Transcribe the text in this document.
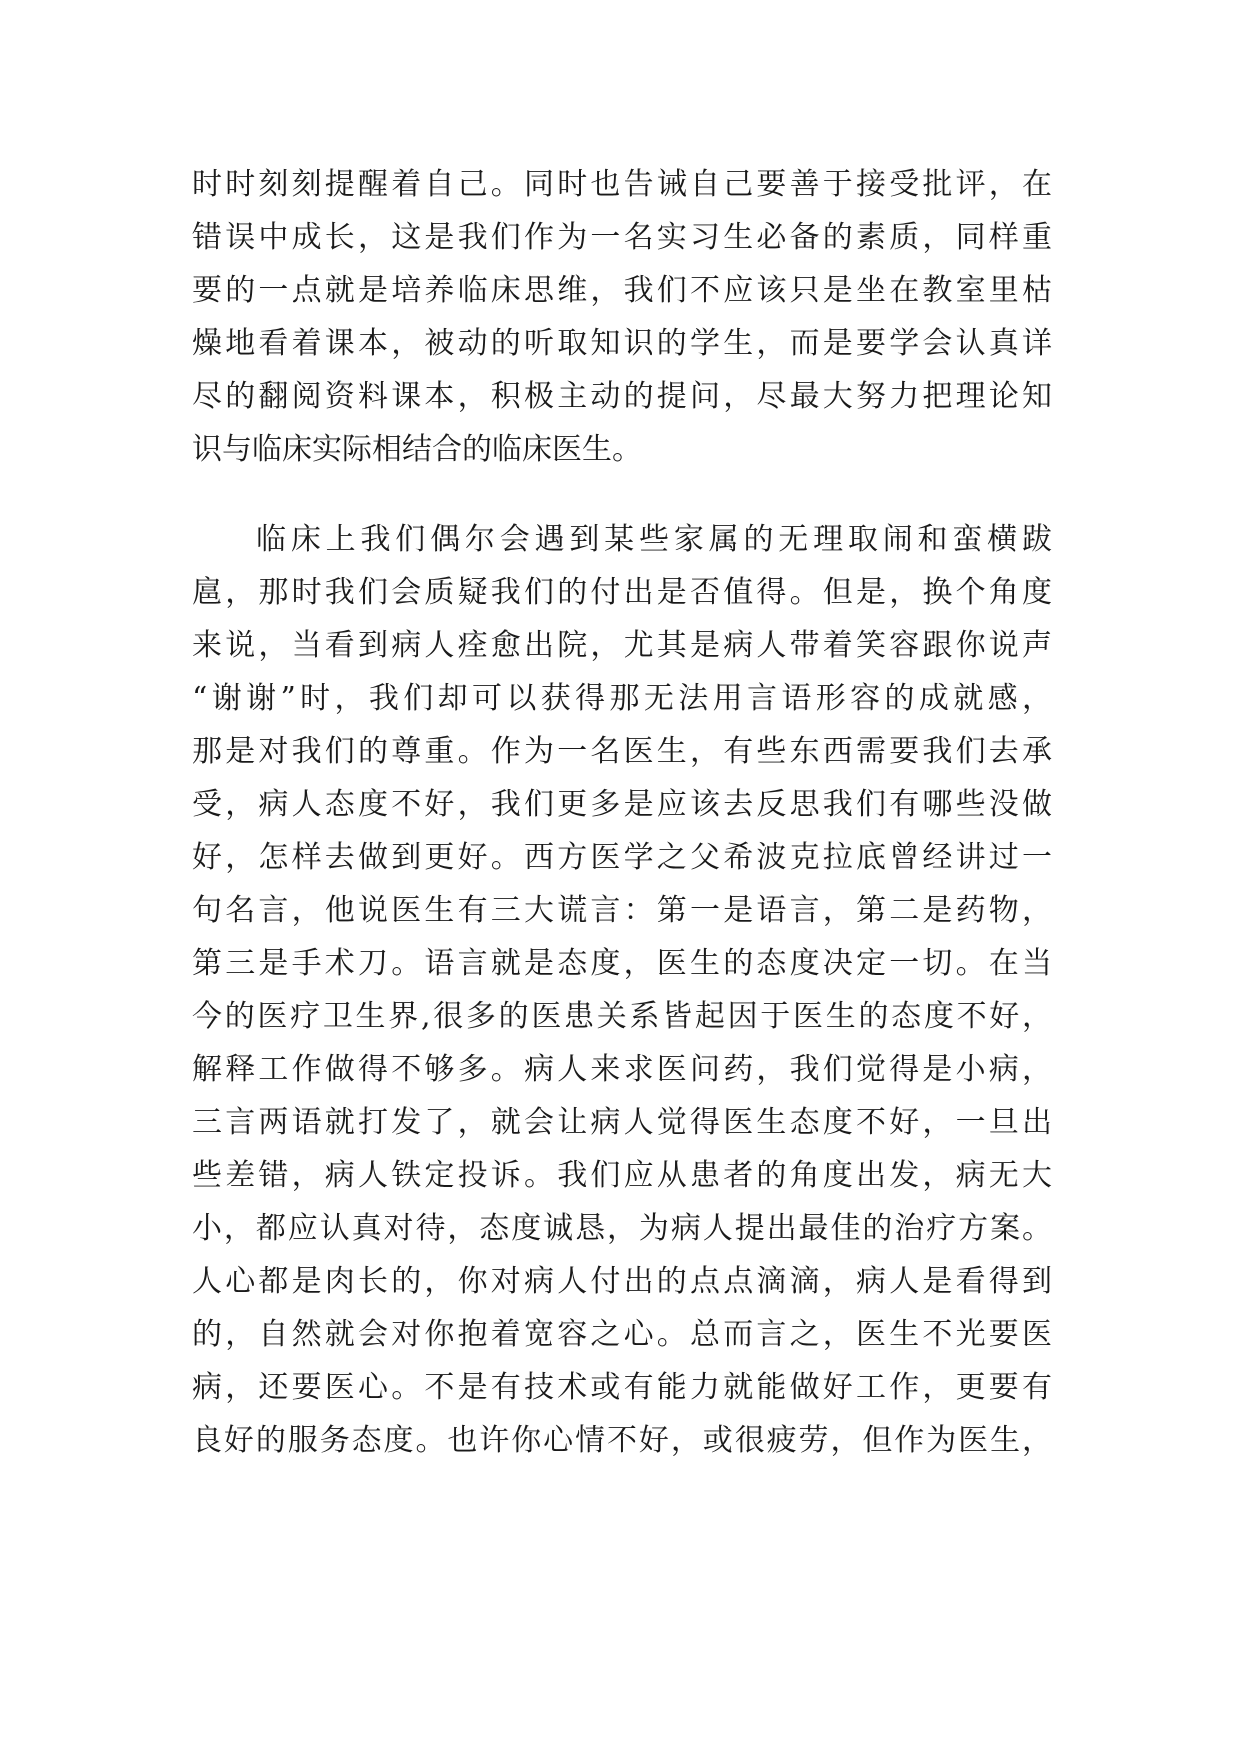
时时刻刻提醒着自己。同时也告诫自己要善于接受批评，在
错误中成长，这是我们作为一名实习生必备的素质，同样重
要的一点就是培养临床思维，我们不应该只是坐在教室里枯
燥地看着课本，被动的听取知识的学生，而是要学会认真详
尽的翻阅资料课本，积极主动的提问，尽最大努力把理论知
识与临床实际相结合的临床医生。
临床上我们偶尔会遇到某些家属的无理取闹和蛮横跋
扈，那时我们会质疑我们的付出是否值得。但是，换个角度
来说，当看到病人痊愈出院，尤其是病人带着笑容跟你说声
“谢谢”时，我们却可以获得那无法用言语形容的成就感，
那是对我们的尊重。作为一名医生，有些东西需要我们去承
受，病人态度不好，我们更多是应该去反思我们有哪些没做
好，怎样去做到更好。西方医学之父希波克拉底曾经讲过一
句名言，他说医生有三大谎言：第一是语言，第二是药物，
第三是手术刀。语言就是态度，医生的态度决定一切。在当
今的医疗卫生界,很多的医患关系皆起因于医生的态度不好，
解释工作做得不够多。病人来求医问药，我们觉得是小病，
三言两语就打发了，就会让病人觉得医生态度不好，一旦出
些差错，病人铁定投诉。我们应从患者的角度出发，病无大
小，都应认真对待，态度诚恳，为病人提出最佳的治疗方案。
人心都是肉长的，你对病人付出的点点滴滴，病人是看得到
的，自然就会对你抱着宽容之心。总而言之，医生不光要医
病，还要医心。不是有技术或有能力就能做好工作，更要有
良好的服务态度。也许你心情不好，或很疲劳，但作为医生，
